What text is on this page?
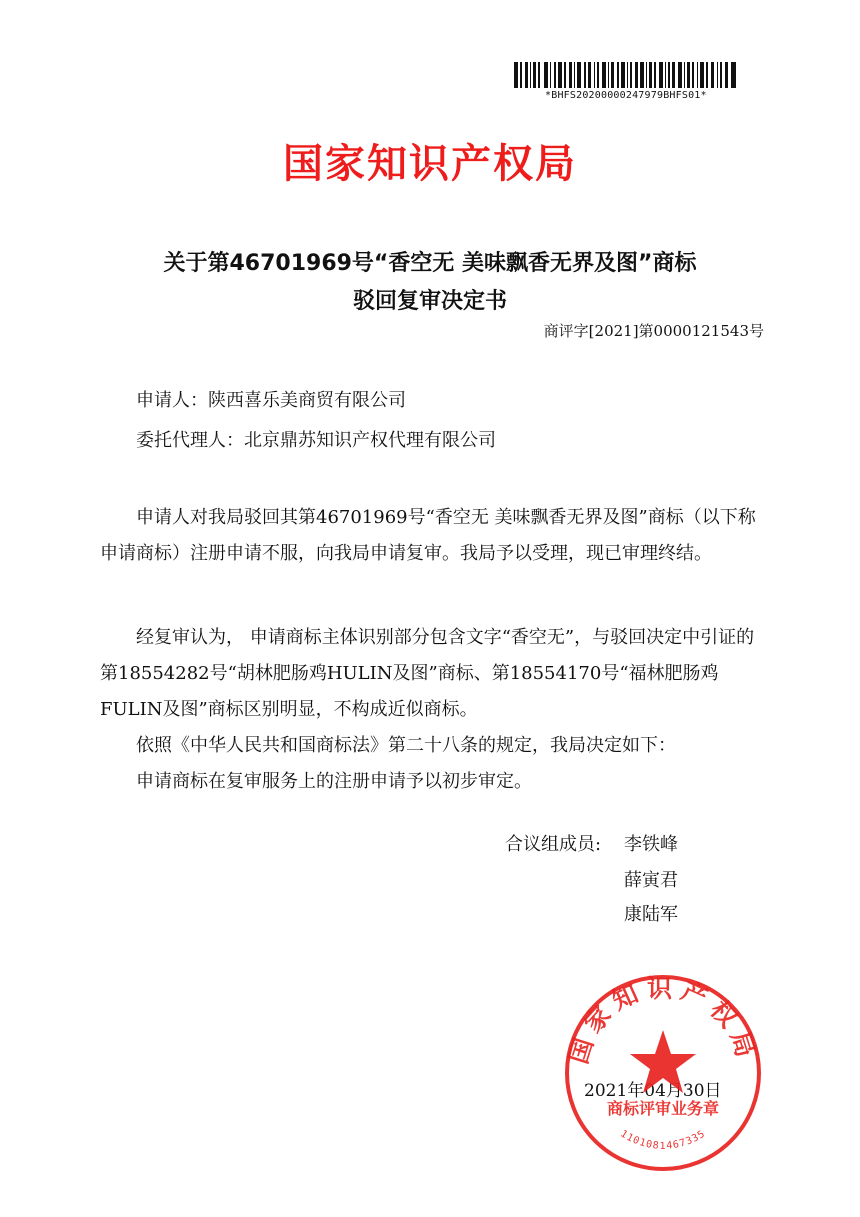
*BHFS20200000247979BHFS01*
国家知识产权局
关于第46701969号“香空无 美味飘香无界及图”商标
驳回复审决定书
商评字[2021]第0000121543号
申请人：陕西喜乐美商贸有限公司
委托代理人：北京鼎苏知识产权代理有限公司
申请人对我局驳回其第46701969号“香空无 美味飘香无界及图”商标（以下称申请商标）注册申请不服，向我局申请复审。我局予以受理，现已审理终结。
经复审认为， 申请商标主体识别部分包含文字“香空无”，与驳回决定中引证的第18554282号“胡林肥肠鸡HULIN及图”商标、第18554170号“福林肥肠鸡FULIN及图”商标区别明显，不构成近似商标。
依照《中华人民共和国商标法》第二十八条的规定，我局决定如下：
申请商标在复审服务上的注册申请予以初步审定。
合议组成员: 李铁峰
薛寅君
康陆军
2021年04月30日
国家知识产权局
商标评审业务章
1101081467335
